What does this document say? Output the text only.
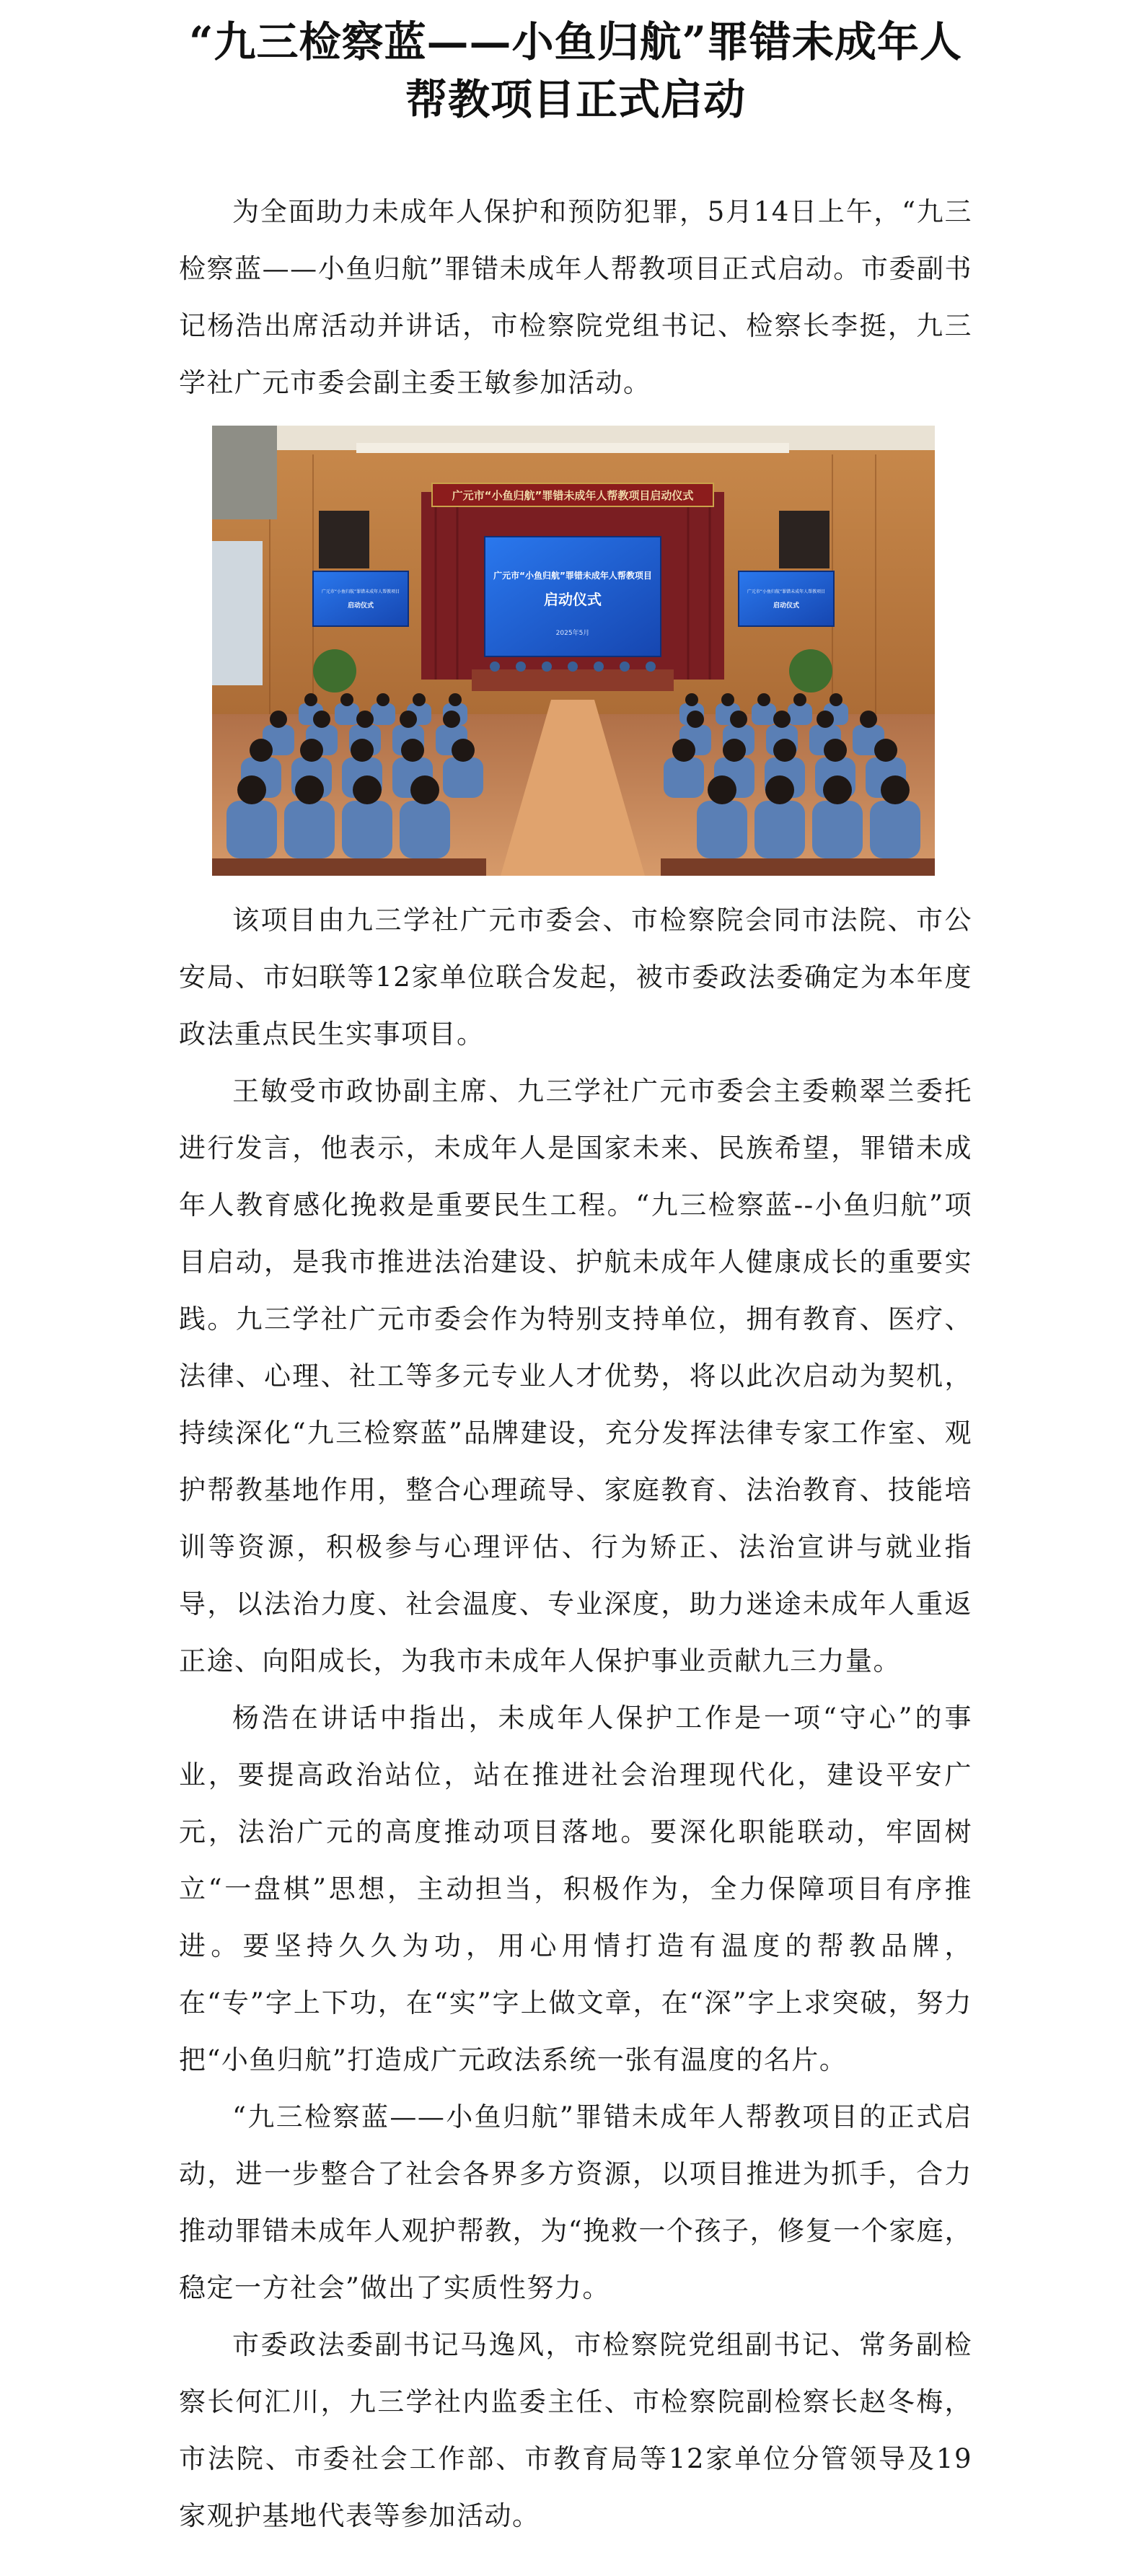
“九三检察蓝——小鱼归航”罪错未成年人
帮教项目正式启动

为全面助力未成年人保护和预防犯罪，5月14日上午，“九三检察蓝——小鱼归航”罪错未成年人帮教项目正式启动。市委副书记杨浩出席活动并讲话，市检察院党组书记、检察长李挺，九三学社广元市委会副主委王敏参加活动。

广元市“小鱼归航”罪错未成年人帮教项目启动仪式
广元市“小鱼归航”罪错未成年人帮教项目
启动仪式
2025年5月
广元市“小鱼归航”罪错未成年人帮教项目
启动仪式
广元市“小鱼归航”罪错未成年人帮教项目
启动仪式

该项目由九三学社广元市委会、市检察院会同市法院、市公安局、市妇联等12家单位联合发起，被市委政法委确定为本年度政法重点民生实事项目。

王敏受市政协副主席、九三学社广元市委会主委赖翠兰委托进行发言，他表示，未成年人是国家未来、民族希望，罪错未成年人教育感化挽救是重要民生工程。“九三检察蓝--小鱼归航”项目启动，是我市推进法治建设、护航未成年人健康成长的重要实践。九三学社广元市委会作为特别支持单位，拥有教育、医疗、法律、心理、社工等多元专业人才优势，将以此次启动为契机，持续深化“九三检察蓝”品牌建设，充分发挥法律专家工作室、观护帮教基地作用，整合心理疏导、家庭教育、法治教育、技能培训等资源，积极参与心理评估、行为矫正、法治宣讲与就业指导，以法治力度、社会温度、专业深度，助力迷途未成年人重返正途、向阳成长，为我市未成年人保护事业贡献九三力量。

杨浩在讲话中指出，未成年人保护工作是一项“守心”的事业，要提高政治站位，站在推进社会治理现代化，建设平安广元，法治广元的高度推动项目落地。要深化职能联动，牢固树立“一盘棋”思想，主动担当，积极作为，全力保障项目有序推进。要坚持久久为功，用心用情打造有温度的帮教品牌，在“专”字上下功，在“实”字上做文章，在“深”字上求突破，努力把“小鱼归航”打造成广元政法系统一张有温度的名片。

“九三检察蓝——小鱼归航”罪错未成年人帮教项目的正式启动，进一步整合了社会各界多方资源，以项目推进为抓手，合力推动罪错未成年人观护帮教，为“挽救一个孩子，修复一个家庭，稳定一方社会”做出了实质性努力。

市委政法委副书记马逸风，市检察院党组副书记、常务副检察长何汇川，九三学社内监委主任、市检察院副检察长赵冬梅，市法院、市委社会工作部、市教育局等12家单位分管领导及19家观护基地代表等参加活动。
